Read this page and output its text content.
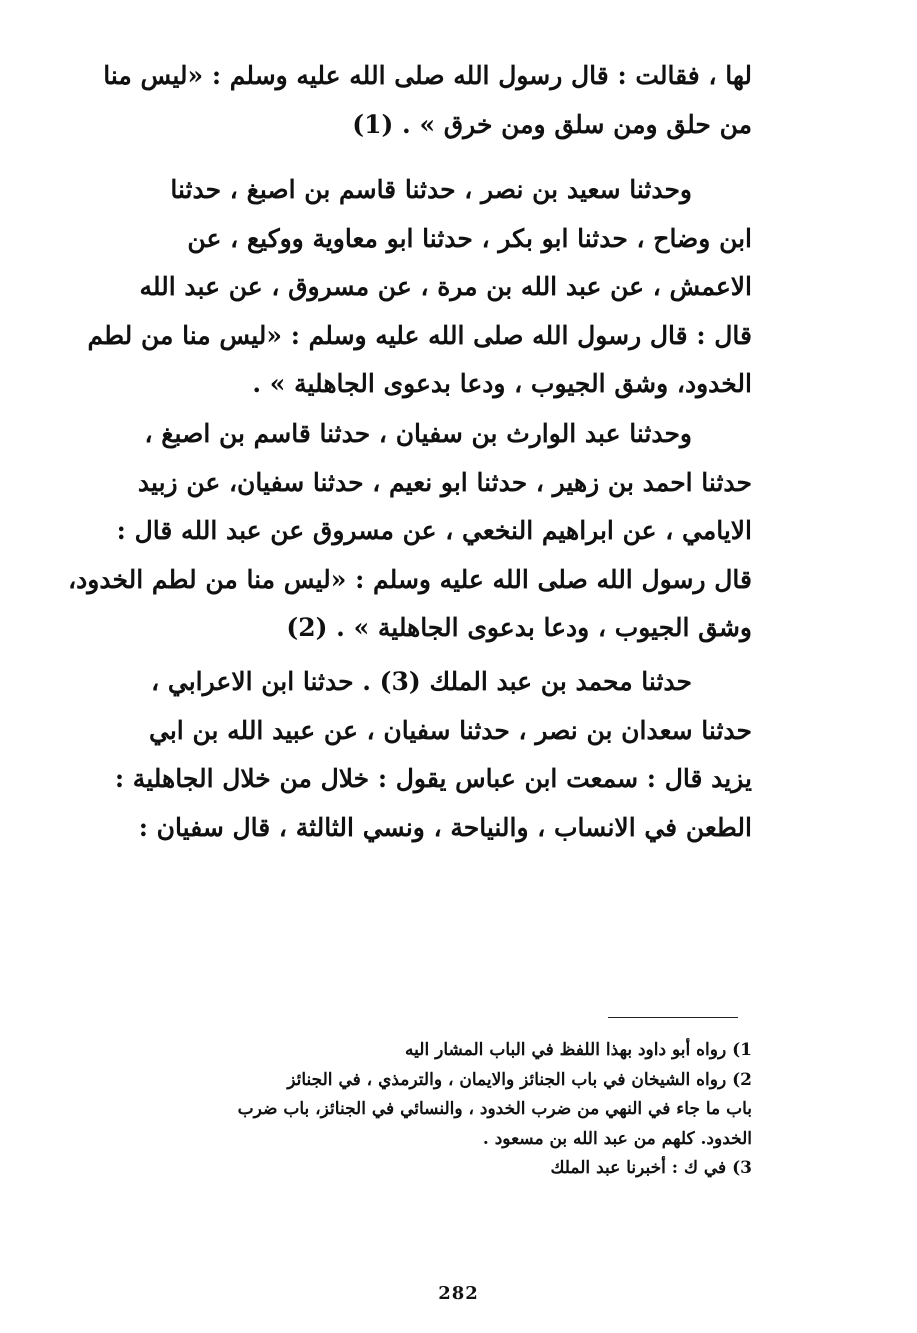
لها ، فقالت : قال رسول الله صلى الله عليه وسلم : «ليس منا
من حلق ومن سلق ومن خرق » . (1)
وحدثنا سعيد بن نصر ، حدثنا قاسم بن اصبغ ، حدثنا
ابن وضاح ، حدثنا ابو بكر ، حدثنا ابو معاوية ووكيع ، عن
الاعمش ، عن عبد الله بن مرة ، عن مسروق ، عن عبد الله
قال : قال رسول الله صلى الله عليه وسلم : «ليس منا من لطم
الخدود، وشق الجيوب ، ودعا بدعوى الجاهلية » .
وحدثنا عبد الوارث بن سفيان ، حدثنا قاسم بن اصبغ ،
حدثنا احمد بن زهير ، حدثنا ابو نعيم ، حدثنا سفيان، عن زبيد
الايامي ، عن ابراهيم النخعي ، عن مسروق عن عبد الله قال :
قال رسول الله صلى الله عليه وسلم : «ليس منا من لطم الخدود،
وشق الجيوب ، ودعا بدعوى الجاهلية » . (2)
حدثنا محمد بن عبد الملك (3) . حدثنا ابن الاعرابي ،
حدثنا سعدان بن نصر ، حدثنا سفيان ، عن عبيد الله بن ابي
يزيد قال : سمعت ابن عباس يقول : خلال من خلال الجاهلية :
الطعن في الانساب ، والنياحة ، ونسي الثالثة ، قال سفيان :
1) رواه أبو داود بهذا اللفظ في الباب المشار اليه
2) رواه الشيخان في باب الجنائز والايمان ، والترمذي ، في الجنائز
باب ما جاء في النهي من ضرب الخدود ، والنسائي في الجنائز، باب ضرب
الخدود. كلهم من عبد الله بن مسعود .
3) في ك : أخبرنا عبد الملك
282
